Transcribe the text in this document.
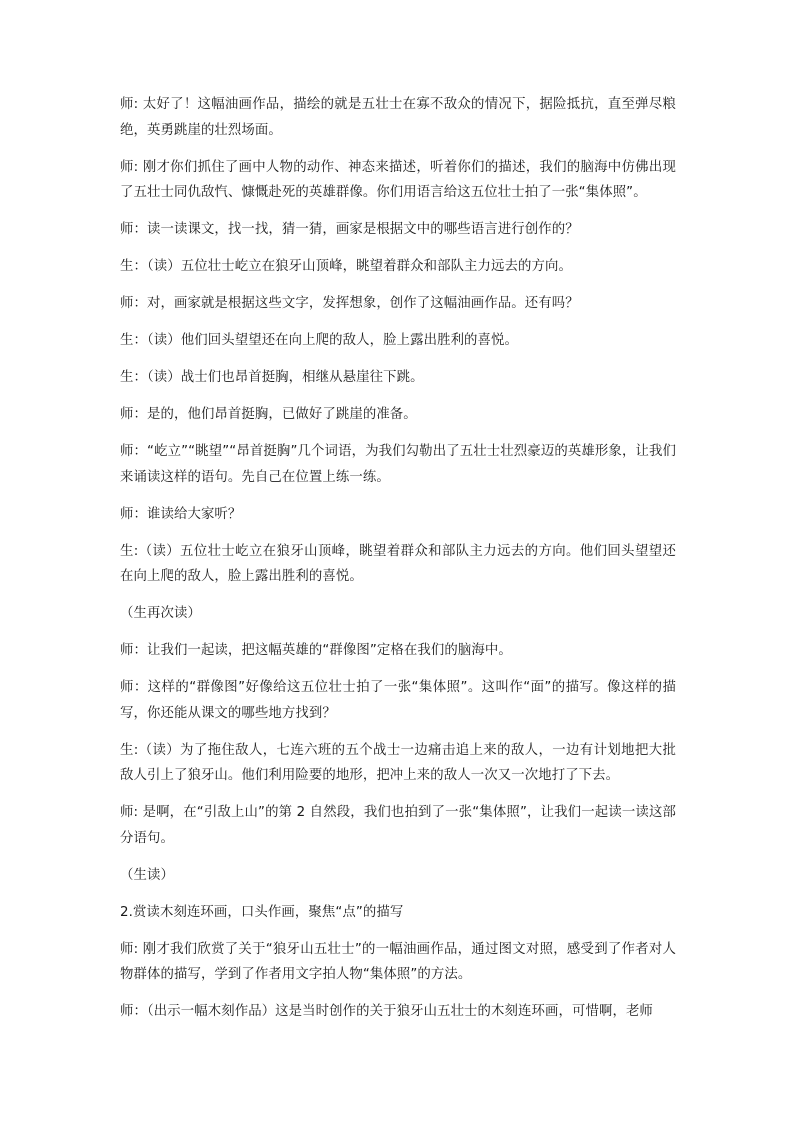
师: 太好了！这幅油画作品，描绘的就是五壮士在寡不敌众的情况下，据险抵抗，直至弹尽粮绝，英勇跳崖的壮烈场面。

师: 刚才你们抓住了画中人物的动作、神态来描述，听着你们的描述，我们的脑海中仿佛出现了五壮士同仇敌忾、慷慨赴死的英雄群像。你们用语言给这五位壮士拍了一张“集体照”。

师：读一读课文，找一找，猜一猜，画家是根据文中的哪些语言进行创作的？

生：（读）五位壮士屹立在狼牙山顶峰，眺望着群众和部队主力远去的方向。

师：对，画家就是根据这些文字，发挥想象，创作了这幅油画作品。还有吗？

生：（读）他们回头望望还在向上爬的敌人，脸上露出胜利的喜悦。

生：（读）战士们也昂首挺胸，相继从悬崖往下跳。

师：是的，他们昂首挺胸，已做好了跳崖的准备。

师：“屹立”“眺望”“昂首挺胸”几个词语，为我们勾勒出了五壮士壮烈豪迈的英雄形象，让我们来诵读这样的语句。先自己在位置上练一练。

师：谁读给大家听？

生:（读）五位壮士屹立在狼牙山顶峰，眺望着群众和部队主力远去的方向。他们回头望望还在向上爬的敌人，脸上露出胜利的喜悦。

（生再次读）

师：让我们一起读，把这幅英雄的“群像图”定格在我们的脑海中。

师：这样的“群像图”好像给这五位壮士拍了一张“集体照”。这叫作“面”的描写。像这样的描写，你还能从课文的哪些地方找到？

生:（读）为了拖住敌人，七连六班的五个战士一边痛击追上来的敌人，一边有计划地把大批敌人引上了狼牙山。他们利用险要的地形，把冲上来的敌人一次又一次地打了下去。

师: 是啊，在“引敌上山”的第 2 自然段，我们也拍到了一张“集体照”，让我们一起读一读这部分语句。

（生读）

2.赏读木刻连环画，口头作画，聚焦“点”的描写

师: 刚才我们欣赏了关于“狼牙山五壮士”的一幅油画作品，通过图文对照，感受到了作者对人物群体的描写，学到了作者用文字拍人物“集体照”的方法。

师：（出示一幅木刻作品）这是当时创作的关于狼牙山五壮士的木刻连环画，可惜啊，老师
